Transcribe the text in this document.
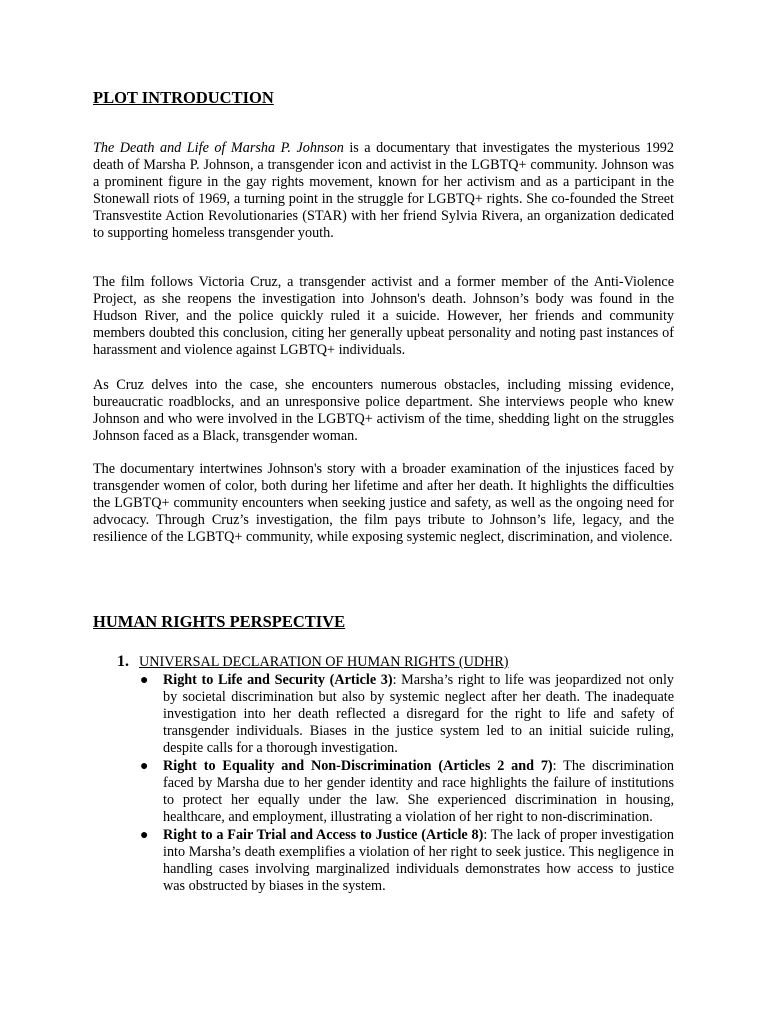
PLOT INTRODUCTION

The Death and Life of Marsha P. Johnson is a documentary that investigates the mysterious 1992 death of Marsha P. Johnson, a transgender icon and activist in the LGBTQ+ community. Johnson was a prominent figure in the gay rights movement, known for her activism and as a participant in the Stonewall riots of 1969, a turning point in the struggle for LGBTQ+ rights. She co-founded the Street Transvestite Action Revolutionaries (STAR) with her friend Sylvia Rivera, an organization dedicated to supporting homeless transgender youth.

The film follows Victoria Cruz, a transgender activist and a former member of the Anti-Violence Project, as she reopens the investigation into Johnson's death. Johnson’s body was found in the Hudson River, and the police quickly ruled it a suicide. However, her friends and community members doubted this conclusion, citing her generally upbeat personality and noting past instances of harassment and violence against LGBTQ+ individuals.

As Cruz delves into the case, she encounters numerous obstacles, including missing evidence, bureaucratic roadblocks, and an unresponsive police department. She interviews people who knew Johnson and who were involved in the LGBTQ+ activism of the time, shedding light on the struggles Johnson faced as a Black, transgender woman.

The documentary intertwines Johnson's story with a broader examination of the injustices faced by transgender women of color, both during her lifetime and after her death. It highlights the difficulties the LGBTQ+ community encounters when seeking justice and safety, as well as the ongoing need for advocacy. Through Cruz’s investigation, the film pays tribute to Johnson’s life, legacy, and the resilience of the LGBTQ+ community, while exposing systemic neglect, discrimination, and violence.

HUMAN RIGHTS PERSPECTIVE
1. UNIVERSAL DECLARATION OF HUMAN RIGHTS (UDHR)
● Right to Life and Security (Article 3): Marsha’s right to life was jeopardized not only by societal discrimination but also by systemic neglect after her death. The inadequate investigation into her death reflected a disregard for the right to life and safety of transgender individuals. Biases in the justice system led to an initial suicide ruling, despite calls for a thorough investigation.
● Right to Equality and Non-Discrimination (Articles 2 and 7): The discrimination faced by Marsha due to her gender identity and race highlights the failure of institutions to protect her equally under the law. She experienced discrimination in housing, healthcare, and employment, illustrating a violation of her right to non-discrimination.
● Right to a Fair Trial and Access to Justice (Article 8): The lack of proper investigation into Marsha’s death exemplifies a violation of her right to seek justice. This negligence in handling cases involving marginalized individuals demonstrates how access to justice was obstructed by biases in the system.
